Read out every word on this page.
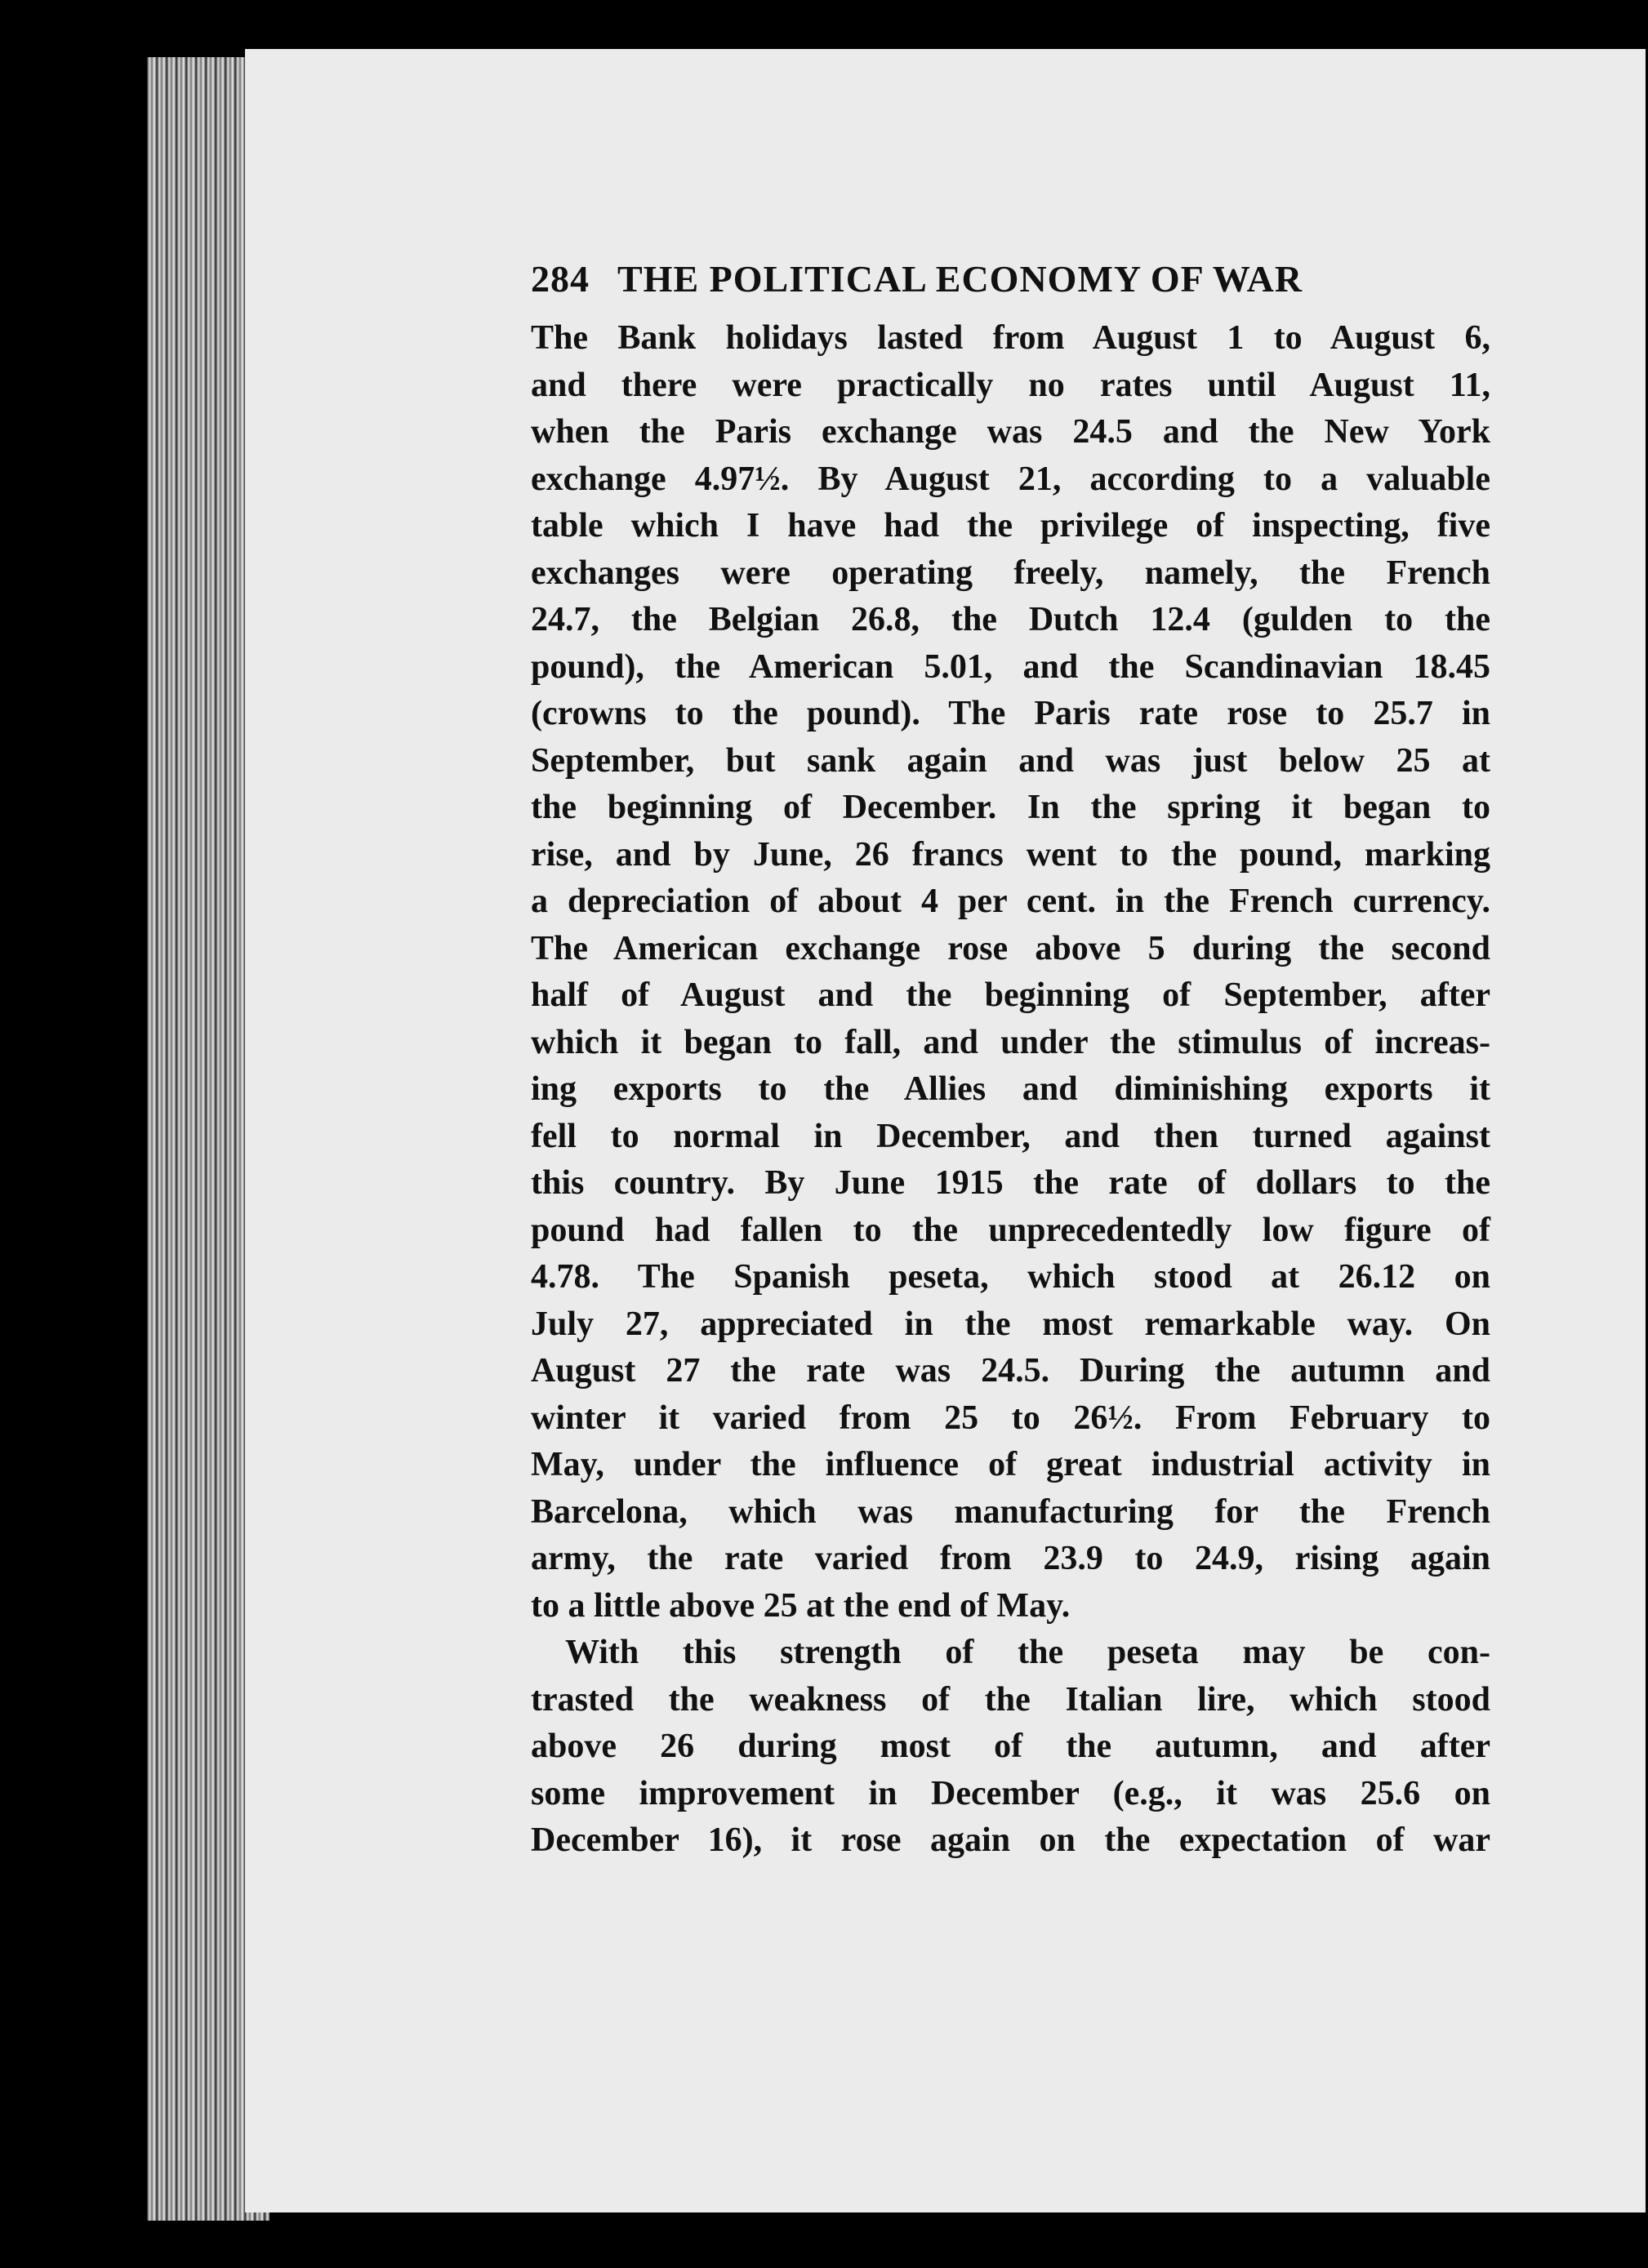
284 THE POLITICAL ECONOMY OF WAR
The Bank holidays lasted from August 1 to August 6,
and there were practically no rates until August 11,
when the Paris exchange was 24.5 and the New York
exchange 4.97½. By August 21, according to a valuable
table which I have had the privilege of inspecting, five
exchanges were operating freely, namely, the French
24.7, the Belgian 26.8, the Dutch 12.4 (gulden to the
pound), the American 5.01, and the Scandinavian 18.45
(crowns to the pound). The Paris rate rose to 25.7 in
September, but sank again and was just below 25 at
the beginning of December. In the spring it began to
rise, and by June, 26 francs went to the pound, marking
a depreciation of about 4 per cent. in the French currency.
The American exchange rose above 5 during the second
half of August and the beginning of September, after
which it began to fall, and under the stimulus of increas-
ing exports to the Allies and diminishing exports it
fell to normal in December, and then turned against
this country. By June 1915 the rate of dollars to the
pound had fallen to the unprecedentedly low figure of
4.78. The Spanish peseta, which stood at 26.12 on
July 27, appreciated in the most remarkable way. On
August 27 the rate was 24.5. During the autumn and
winter it varied from 25 to 26½. From February to
May, under the influence of great industrial activity in
Barcelona, which was manufacturing for the French
army, the rate varied from 23.9 to 24.9, rising again
to a little above 25 at the end of May.
With this strength of the peseta may be con-
trasted the weakness of the Italian lire, which stood
above 26 during most of the autumn, and after
some improvement in December (e.g., it was 25.6 on
December 16), it rose again on the expectation of war
